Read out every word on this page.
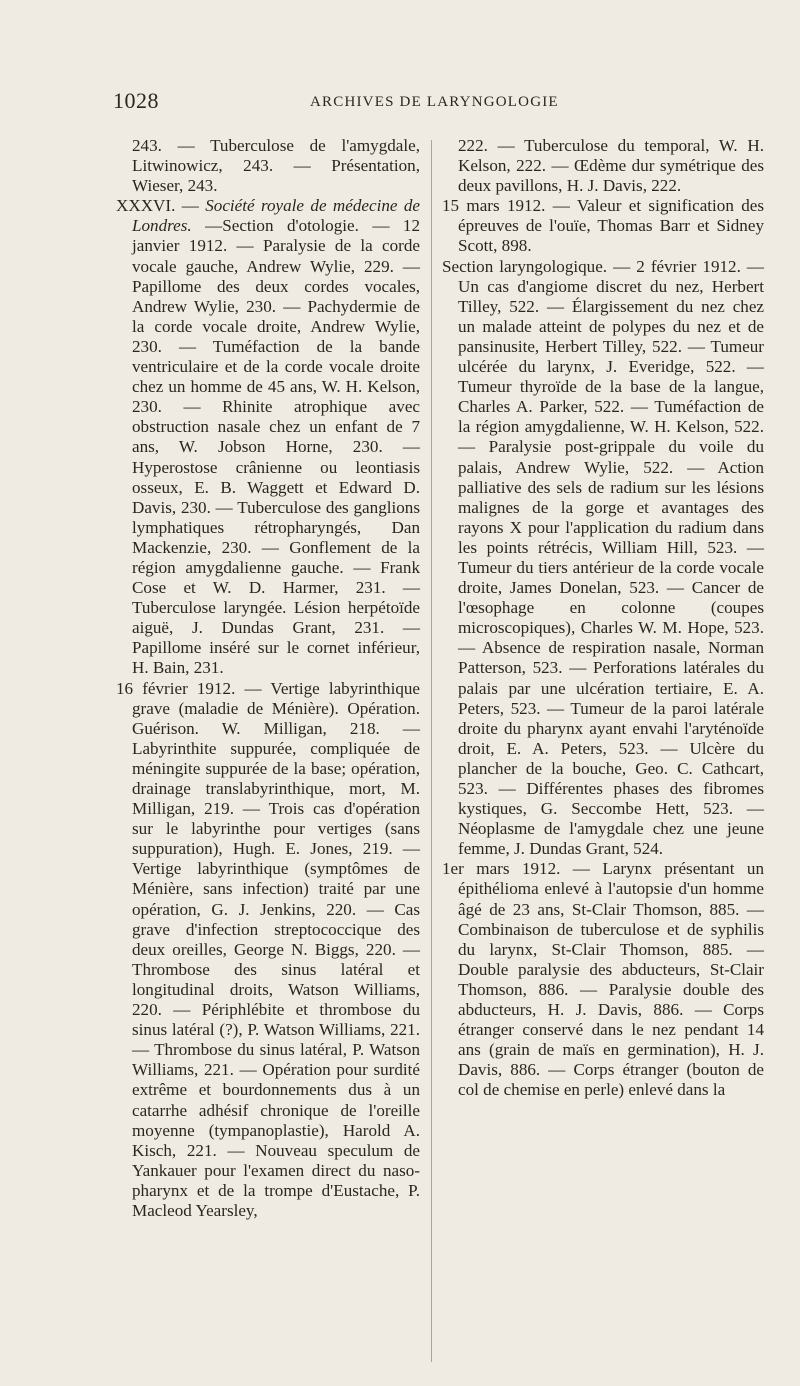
1028	ARCHIVES DE LARYNGOLOGIE

243. — Tuberculose de l'amygdale, Litwinowicz, 243. — Présentation, Wieser, 243.

XXXVI. — Société royale de médecine de Londres. —Section d'otologie. — 12 janvier 1912. — Paralysie de la corde vocale gauche, Andrew Wylie, 229. — Papillome des deux cordes vocales, Andrew Wylie, 230. — Pachydermie de la corde vocale droite, Andrew Wylie, 230. — Tuméfaction de la bande ventriculaire et de la corde vocale droite chez un homme de 45 ans, W. H. Kelson, 230. — Rhinite atrophique avec obstruction nasale chez un enfant de 7 ans, W. Jobson Horne, 230. — Hyperostose crânienne ou leontiasis osseux, E. B. Waggett et Edward D. Davis, 230. — Tuberculose des ganglions lymphatiques rétropharyngés, Dan Mackenzie, 230. — Gonflement de la région amygdalienne gauche. — Frank Cose et W. D. Harmer, 231. — Tuberculose laryngée. Lésion herpétoïde aiguë, J. Dundas Grant, 231. — Papillome inséré sur le cornet inférieur, H. Bain, 231.

16 février 1912. — Vertige labyrinthique grave (maladie de Ménière). Opération. Guérison. W. Milligan, 218. — Labyrinthite suppurée, compliquée de méningite suppurée de la base; opération, drainage translabyrinthique, mort, M. Milligan, 219. — Trois cas d'opération sur le labyrinthe pour vertiges (sans suppuration), Hugh. E. Jones, 219. — Vertige labyrinthique (symptômes de Ménière, sans infection) traité par une opération, G. J. Jenkins, 220. — Cas grave d'infection streptococcique des deux oreilles, George N. Biggs, 220. — Thrombose des sinus latéral et longitudinal droits, Watson Williams, 220. — Périphlébite et thrombose du sinus latéral (?), P. Watson Williams, 221. — Thrombose du sinus latéral, P. Watson Williams, 221. — Opération pour surdité extrême et bourdonnements dus à un catarrhe adhésif chronique de l'oreille moyenne (tympanoplastie), Harold A. Kisch, 221. — Nouveau speculum de Yankauer pour l'examen direct du naso-pharynx et de la trompe d'Eustache, P. Macleod Yearsley,

222. — Tuberculose du temporal, W. H. Kelson, 222. — Œdème dur symétrique des deux pavillons, H. J. Davis, 222.

15 mars 1912. — Valeur et signification des épreuves de l'ouïe, Thomas Barr et Sidney Scott, 898.

Section laryngologique. — 2 février 1912. — Un cas d'angiome discret du nez, Herbert Tilley, 522. — Élargissement du nez chez un malade atteint de polypes du nez et de pansinusite, Herbert Tilley, 522. — Tumeur ulcérée du larynx, J. Everidge, 522. — Tumeur thyroïde de la base de la langue, Charles A. Parker, 522. — Tuméfaction de la région amygdalienne, W. H. Kelson, 522. — Paralysie post-grippale du voile du palais, Andrew Wylie, 522. — Action palliative des sels de radium sur les lésions malignes de la gorge et avantages des rayons X pour l'application du radium dans les points rétrécis, William Hill, 523. — Tumeur du tiers antérieur de la corde vocale droite, James Donelan, 523. — Cancer de l'œsophage en colonne (coupes microscopiques), Charles W. M. Hope, 523. — Absence de respiration nasale, Norman Patterson, 523. — Perforations latérales du palais par une ulcération tertiaire, E. A. Peters, 523. — Tumeur de la paroi latérale droite du pharynx ayant envahi l'aryténoïde droit, E. A. Peters, 523. — Ulcère du plancher de la bouche, Geo. C. Cathcart, 523. — Différentes phases des fibromes kystiques, G. Seccombe Hett, 523. — Néoplasme de l'amygdale chez une jeune femme, J. Dundas Grant, 524.

1er mars 1912. — Larynx présentant un épithélioma enlevé à l'autopsie d'un homme âgé de 23 ans, St-Clair Thomson, 885. — Combinaison de tuberculose et de syphilis du larynx, St-Clair Thomson, 885. — Double paralysie des abducteurs, St-Clair Thomson, 886. — Paralysie double des abducteurs, H. J. Davis, 886. — Corps étranger conservé dans le nez pendant 14 ans (grain de maïs en germination), H. J. Davis, 886. — Corps étranger (bouton de col de chemise en perle) enlevé dans la
